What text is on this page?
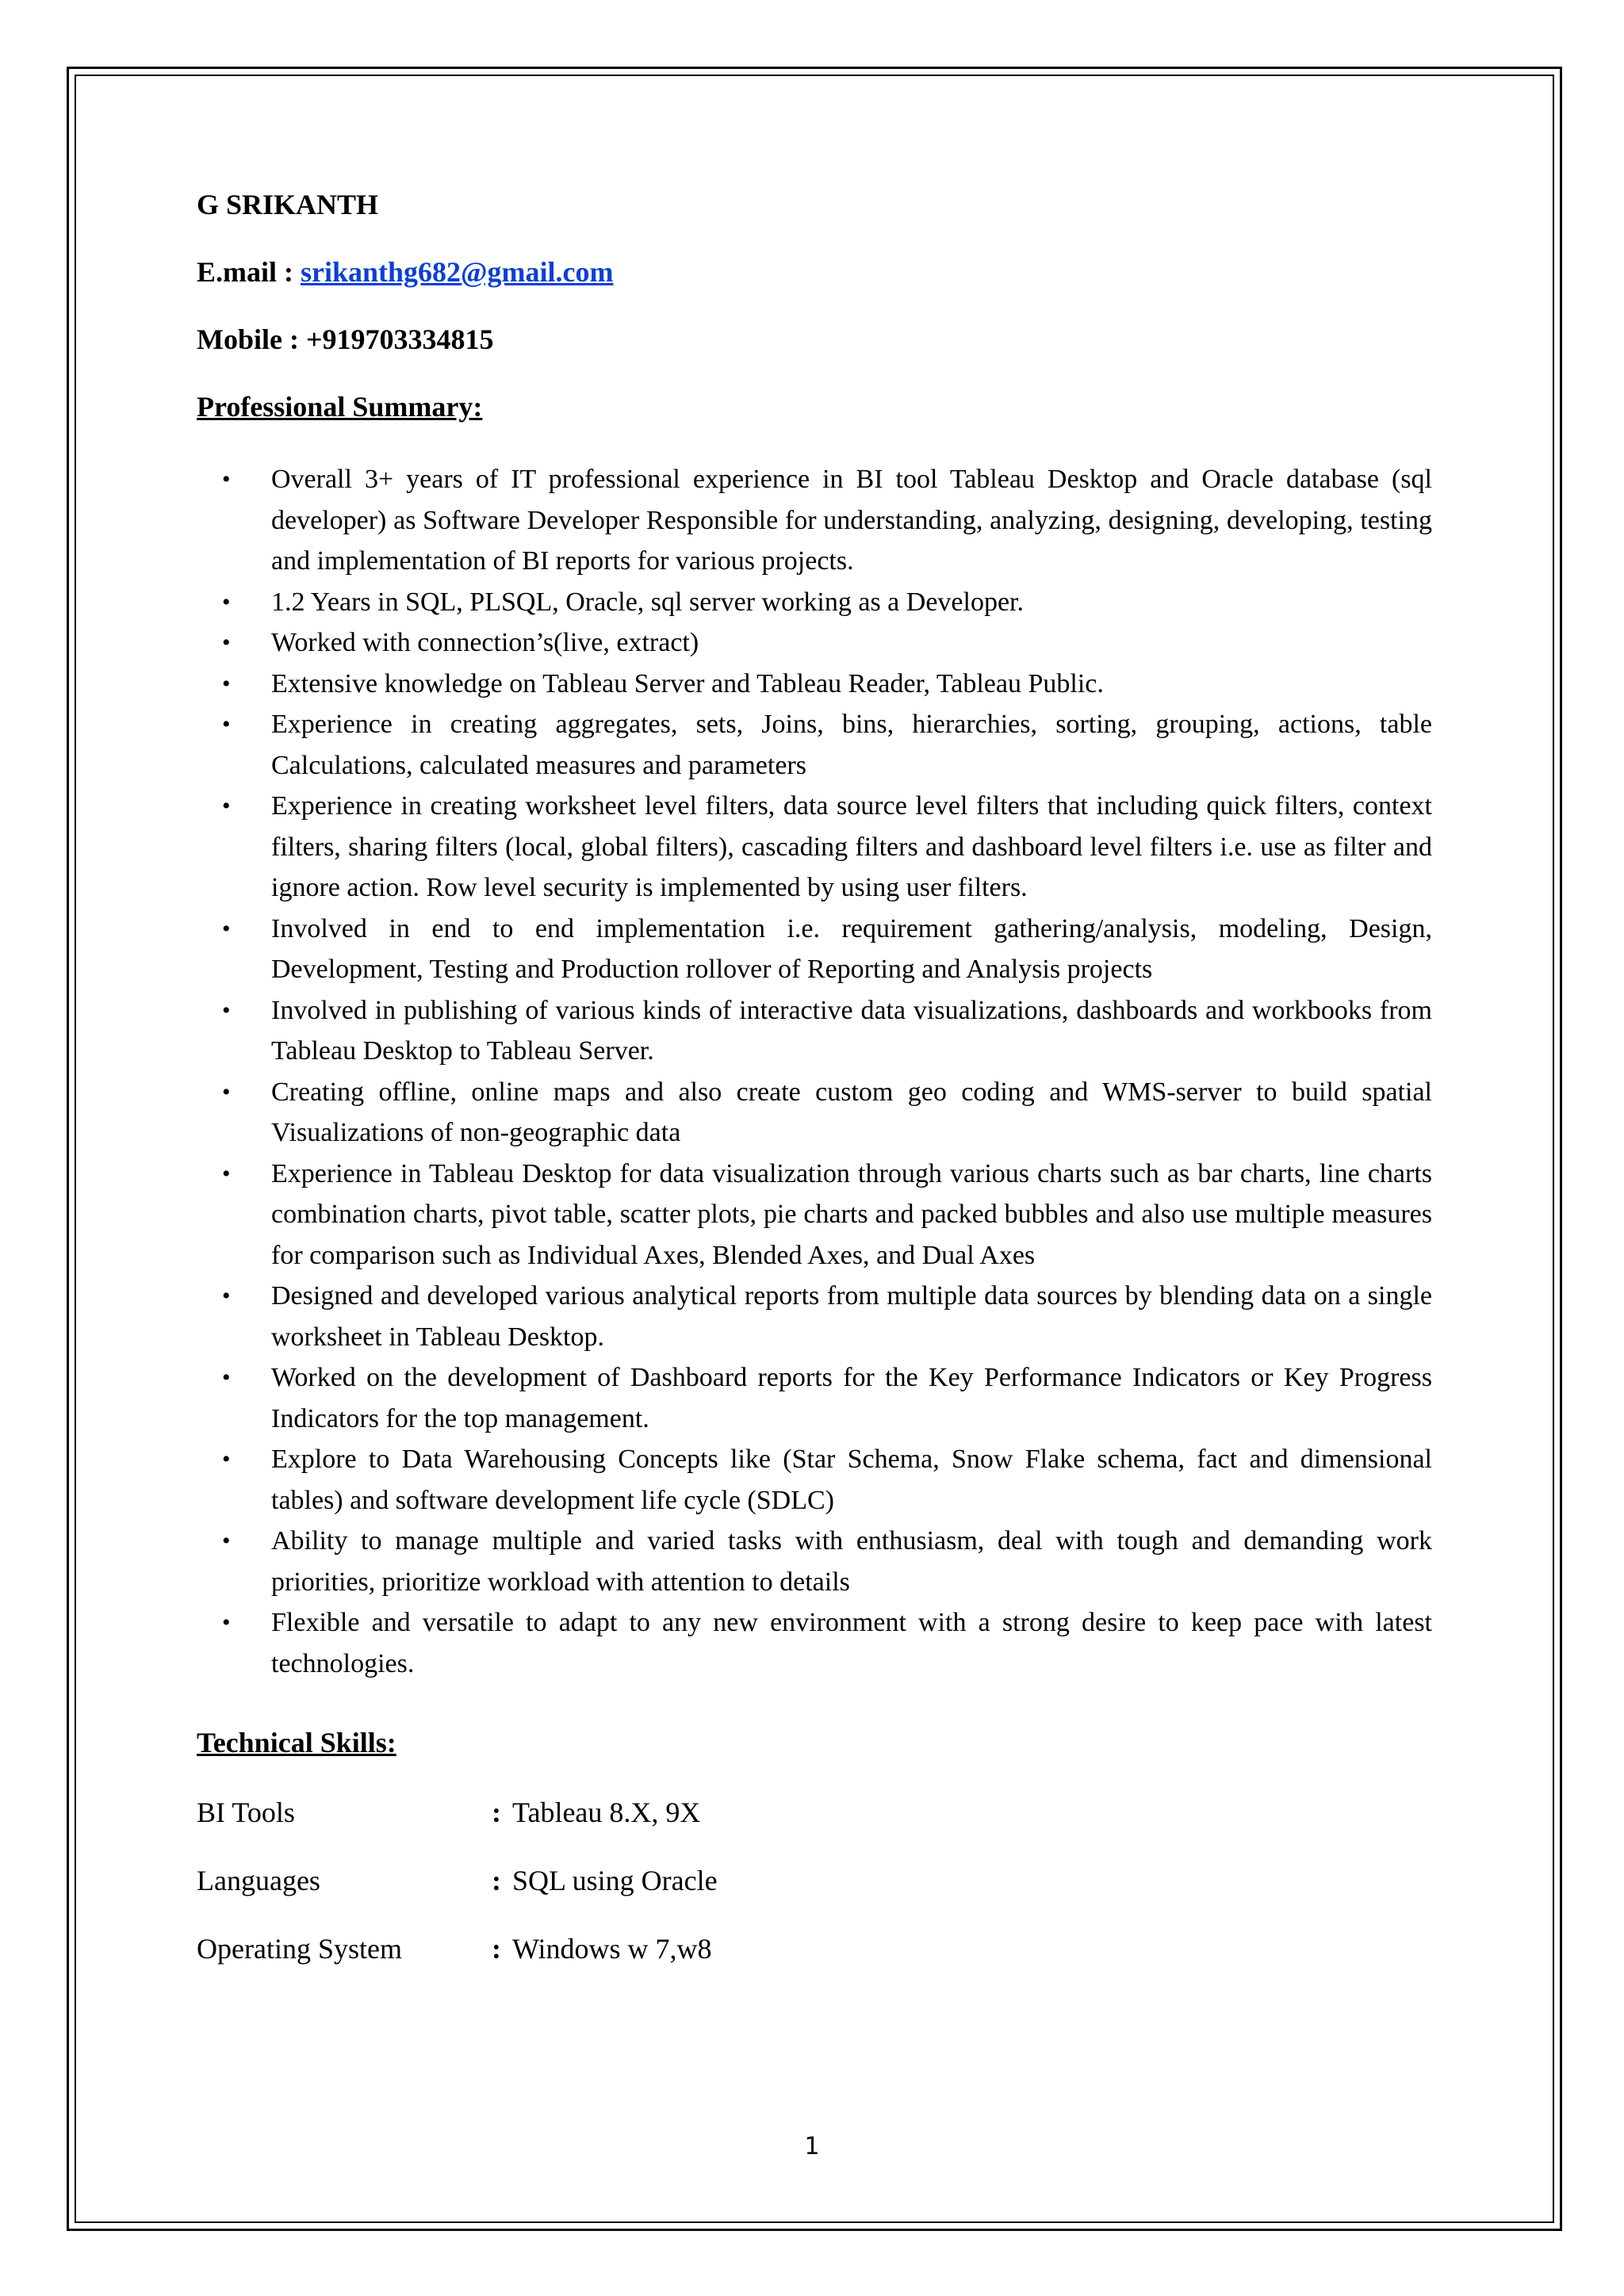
G SRIKANTH

E.mail : srikanthg682@gmail.com
Mobile : +919703334815

Professional Summary:

• Overall 3+ years of IT professional experience in BI tool Tableau Desktop and Oracle database (sql developer) as Software Developer Responsible for understanding, analyzing, designing, developing, testing and implementation of BI reports for various projects.
• 1.2 Years in SQL, PLSQL, Oracle, sql server working as a Developer.
• Worked with connection’s(live, extract)
• Extensive knowledge on Tableau Server and Tableau Reader, Tableau Public.
• Experience in creating aggregates, sets, Joins, bins, hierarchies, sorting, grouping, actions, table Calculations, calculated measures and parameters
• Experience in creating worksheet level filters, data source level filters that including quick filters, context filters, sharing filters (local, global filters), cascading filters and dashboard level filters i.e. use as filter and ignore action. Row level security is implemented by using user filters.
• Involved in end to end implementation i.e. requirement gathering/analysis, modeling, Design, Development, Testing and Production rollover of Reporting and Analysis projects
• Involved in publishing of various kinds of interactive data visualizations, dashboards and workbooks from Tableau Desktop to Tableau Server.
• Creating offline, online maps and also create custom geo coding and WMS-server to build spatial Visualizations of non-geographic data
• Experience in Tableau Desktop for data visualization through various charts such as bar charts, line charts combination charts, pivot table, scatter plots, pie charts and packed bubbles and also use multiple measures for comparison such as Individual Axes, Blended Axes, and Dual Axes
• Designed and developed various analytical reports from multiple data sources by blending data on a single worksheet in Tableau Desktop.
• Worked on the development of Dashboard reports for the Key Performance Indicators or Key Progress Indicators for the top management.
• Explore to Data Warehousing Concepts like (Star Schema, Snow Flake schema, fact and dimensional tables) and software development life cycle (SDLC)
• Ability to manage multiple and varied tasks with enthusiasm, deal with tough and demanding work priorities, prioritize workload with attention to details
• Flexible and versatile to adapt to any new environment with a strong desire to keep pace with latest technologies.

Technical Skills:

BI Tools	: Tableau 8.X, 9X
Languages	: SQL using Oracle
Operating System	: Windows w 7,w8
1
